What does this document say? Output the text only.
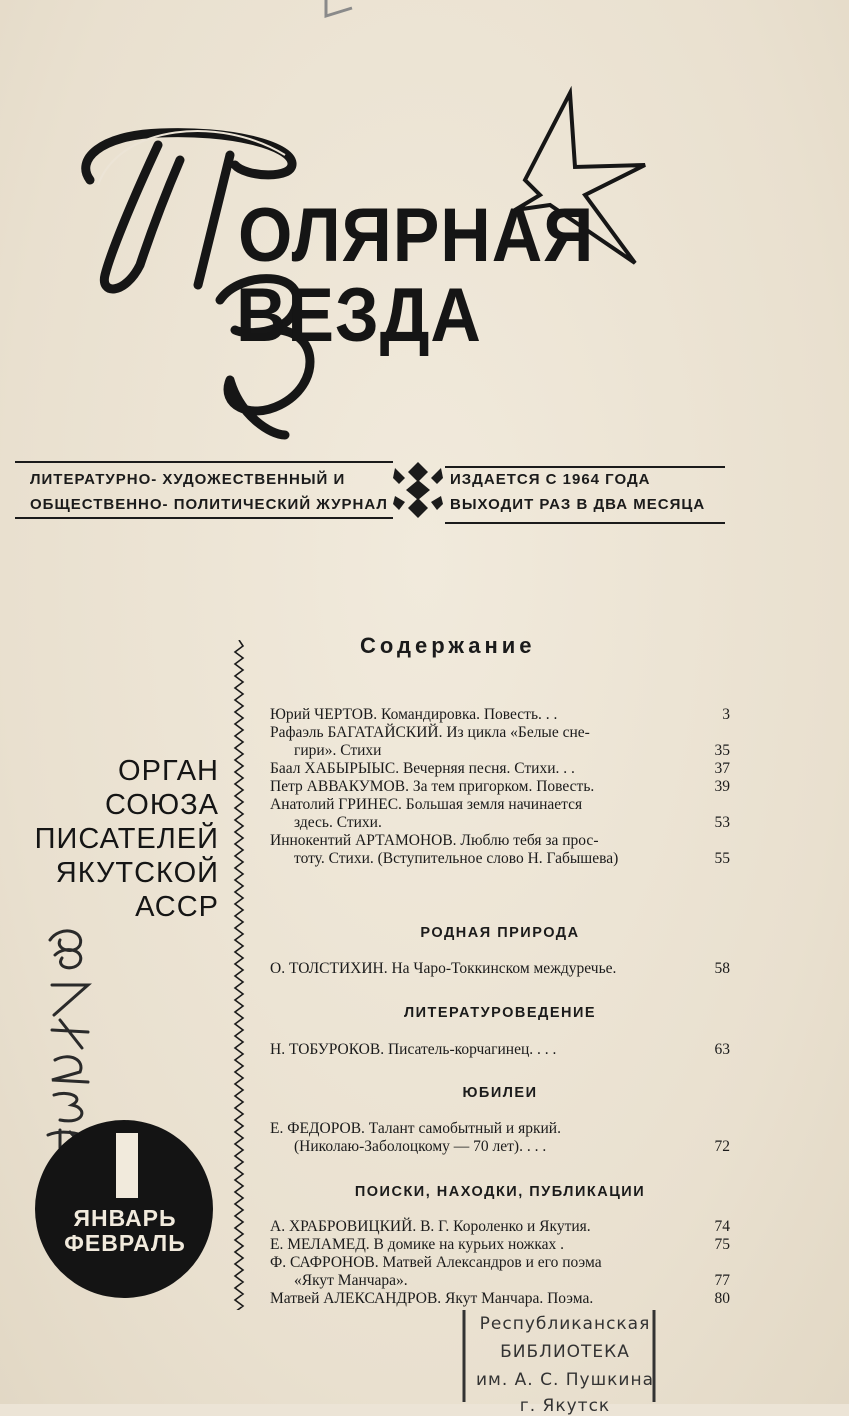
ОЛЯРНАЯ
ВЕЗДА
ЛИТЕРАТУРНО- ХУДОЖЕСТВЕННЫЙ И
ОБЩЕСТВЕННО- ПОЛИТИЧЕСКИЙ ЖУРНАЛ
ИЗДАЕТСЯ С 1964 ГОДА
ВЫХОДИТ РАЗ В ДВА МЕСЯЦА
ОРГАН
СОЮЗА
ПИСАТЕЛЕЙ
ЯКУТСКОЙ
АССР
ЯНВАРЬ
ФЕВРАЛЬ
Содержание
Юрий ЧЕРТОВ. Командировка. Повесть. . .	3
Рафаэль БАГАТАЙСКИЙ. Из цикла «Белые сне-
гири». Стихи	35
Баал ХАБЫРЫЫС. Вечерняя песня. Стихи. . .	37
Петр АВВАКУМОВ. За тем пригорком. Повесть.	39
Анатолий ГРИНЕС. Большая земля начинается
здесь. Стихи.	53
Иннокентий АРТАМОНОВ. Люблю тебя за прос-
тоту. Стихи. (Вступительное слово Н. Габышева)	55
РОДНАЯ ПРИРОДА
О. ТОЛСТИХИН. На Чаро-Токкинском междуречье.	58
ЛИТЕРАТУРОВЕДЕНИЕ
Н. ТОБУРОКОВ. Писатель-корчагинец. . . .	63
ЮБИЛЕИ
Е. ФЕДОРОВ. Талант самобытный и яркий.
(Николаю-Заболоцкому — 70 лет). . . .	72
ПОИСКИ, НАХОДКИ, ПУБЛИКАЦИИ
А. ХРАБРОВИЦКИЙ. В. Г. Короленко и Якутия.	74
Е. МЕЛАМЕД. В домике на курьих ножках .	75
Ф. САФРОНОВ. Матвей Александров и его поэма
«Якут Манчара».	77
Матвей АЛЕКСАНДРОВ. Якут Манчара. Поэма.	80
Республиканская
БИБЛИОТЕКА
им. А. С. Пушкина
г. Якутск
